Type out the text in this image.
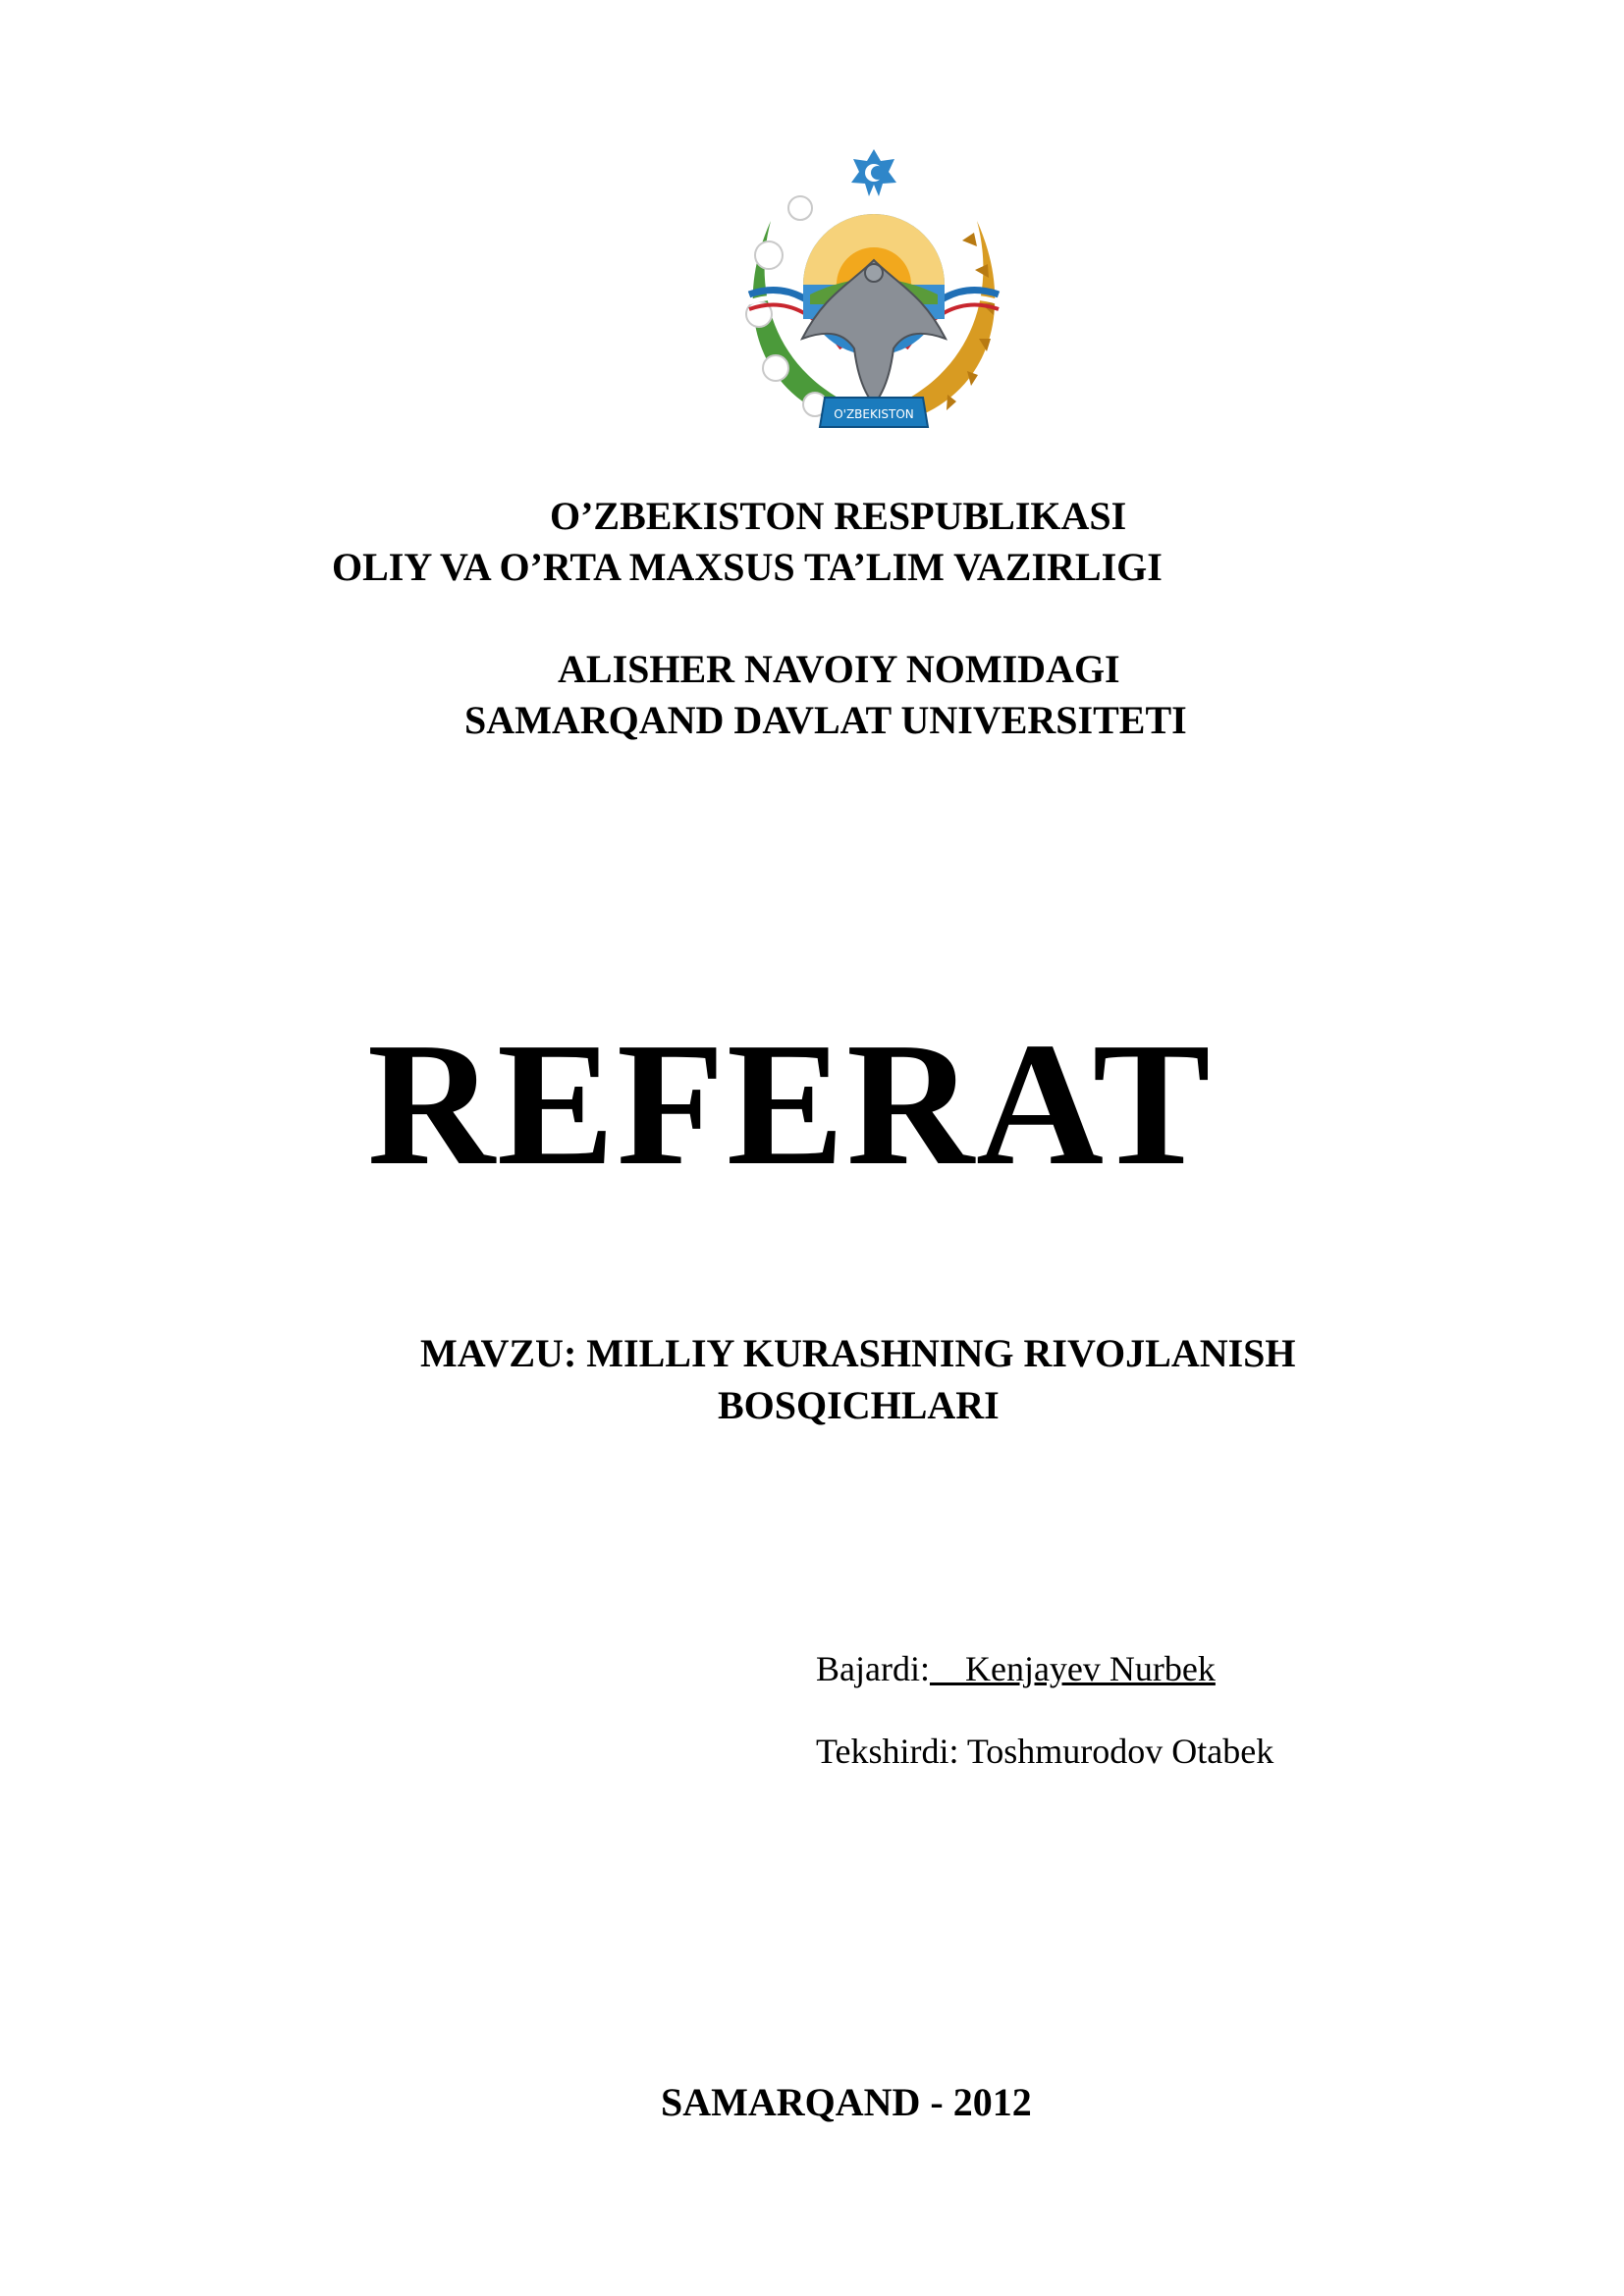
O'ZBEKISTON

O’ZBEKISTON RESPUBLIKASI

OLIY VA O’RTA MAXSUS TA’LIM VAZIRLIGI

ALISHER NAVOIY NOMIDAGI

SAMARQAND DAVLAT UNIVERSITETI

REFERAT

MAVZU: MILLIY KURASHNING RIVOJLANISH

BOSQICHLARI

Bajardi:    Kenjayev Nurbek

Tekshirdi: Toshmurodov Otabek

SAMARQAND - 2012
